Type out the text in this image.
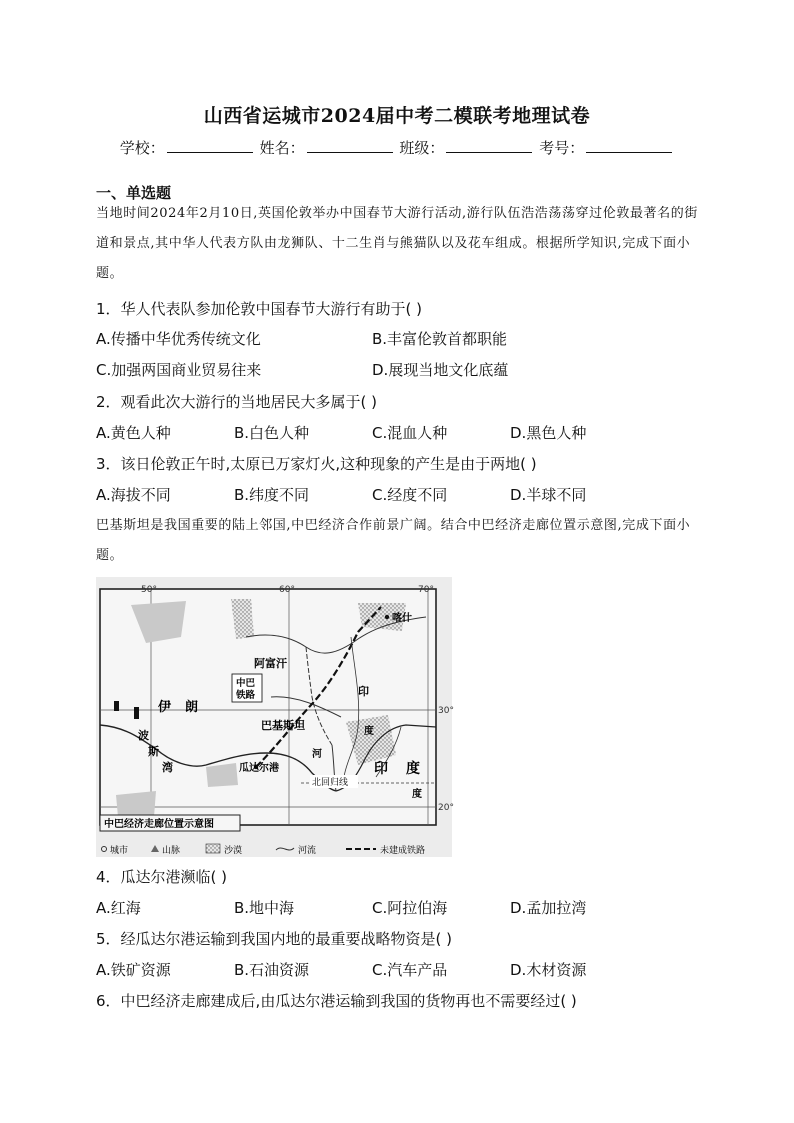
山西省运城市2024届中考二模联考地理试卷
学校：	姓名：	班级：	考号：
一、单选题
当地时间2024年2月10日,英国伦敦举办中国春节大游行活动,游行队伍浩浩荡荡穿过伦敦最著名的街道和景点,其中华人代表方队由龙狮队、十二生肖与熊猫队以及花车组成。根据所学知识,完成下面小题。
1．华人代表队参加伦敦中国春节大游行有助于( )
A.传播中华优秀传统文化	B.丰富伦敦首都职能
C.加强两国商业贸易往来	D.展现当地文化底蕴
2．观看此次大游行的当地居民大多属于( )
A.黄色人种	B.白色人种	C.混血人种	D.黑色人种
3．该日伦敦正午时,太原已万家灯火,这种现象的产生是由于两地( )
A.海拔不同	B.纬度不同	C.经度不同	D.半球不同
巴基斯坦是我国重要的陆上邻国,中巴经济合作前景广阔。结合中巴经济走廊位置示意图,完成下面小题。
50°	60°	70°
30°
20°
喀什
阿富汗
中巴
铁路	印
伊朗
巴基斯坦	度
波
斯
湾	瓜达尔港
河
印 度
北回归线
度
中巴经济走廊位置示意图
城市	山脉	沙漠	河流	未建成铁路
4．瓜达尔港濒临( )
A.红海	B.地中海	C.阿拉伯海	D.孟加拉湾
5．经瓜达尔港运输到我国内地的最重要战略物资是( )
A.铁矿资源	B.石油资源	C.汽车产品	D.木材资源
6．中巴经济走廊建成后,由瓜达尔港运输到我国的货物再也不需要经过( )
